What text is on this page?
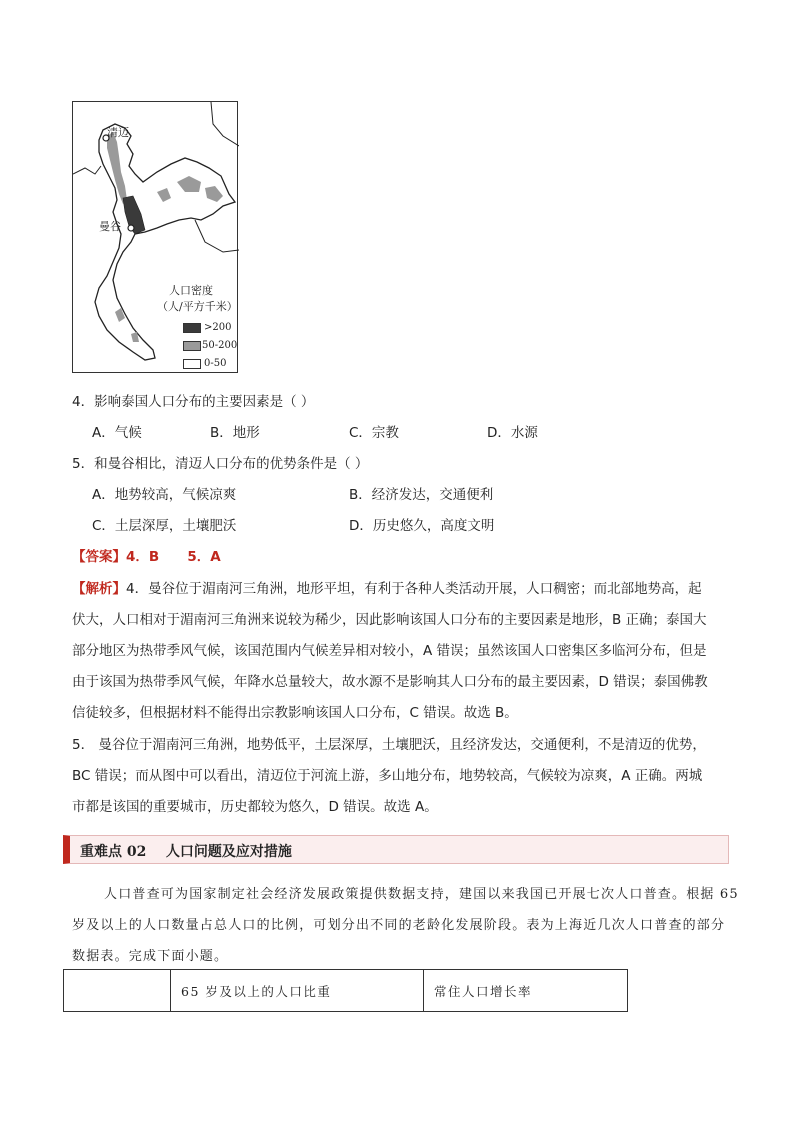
清迈
曼谷
人口密度
（人/平方千米）
>200
50-200
0-50
4．影响泰国人口分布的主要因素是（ ）
A．气候	B．地形	C．宗教	D．水源
5．和曼谷相比，清迈人口分布的优势条件是（ ）
A．地势较高，气候凉爽	B．经济发达，交通便利
C．土层深厚，土壤肥沃	D．历史悠久，高度文明
【答案】4．B      5．A
【解析】4．曼谷位于湄南河三角洲，地形平坦，有利于各种人类活动开展，人口稠密；而北部地势高，起
伏大，人口相对于湄南河三角洲来说较为稀少，因此影响该国人口分布的主要因素是地形，B 正确；泰国大
部分地区为热带季风气候，该国范围内气候差异相对较小，A 错误；虽然该国人口密集区多临河分布，但是
由于该国为热带季风气候，年降水总量较大，故水源不是影响其人口分布的最主要因素，D 错误；泰国佛教
信徒较多，但根据材料不能得出宗教影响该国人口分布，C 错误。故选 B。
5． 曼谷位于湄南河三角洲，地势低平，土层深厚，土壤肥沃，且经济发达，交通便利，不是清迈的优势，
BC 错误；而从图中可以看出，清迈位于河流上游，多山地分布，地势较高，气候较为凉爽，A 正确。两城
市都是该国的重要城市，历史都较为悠久，D 错误。故选 A。
重难点 02    人口问题及应对措施
人口普查可为国家制定社会经济发展政策提供数据支持，建国以来我国已开展七次人口普查。根据 65
岁及以上的人口数量占总人口的比例，可划分出不同的老龄化发展阶段。表为上海近几次人口普查的部分
数据表。完成下面小题。
	65 岁及以上的人口比重	常住人口增长率
